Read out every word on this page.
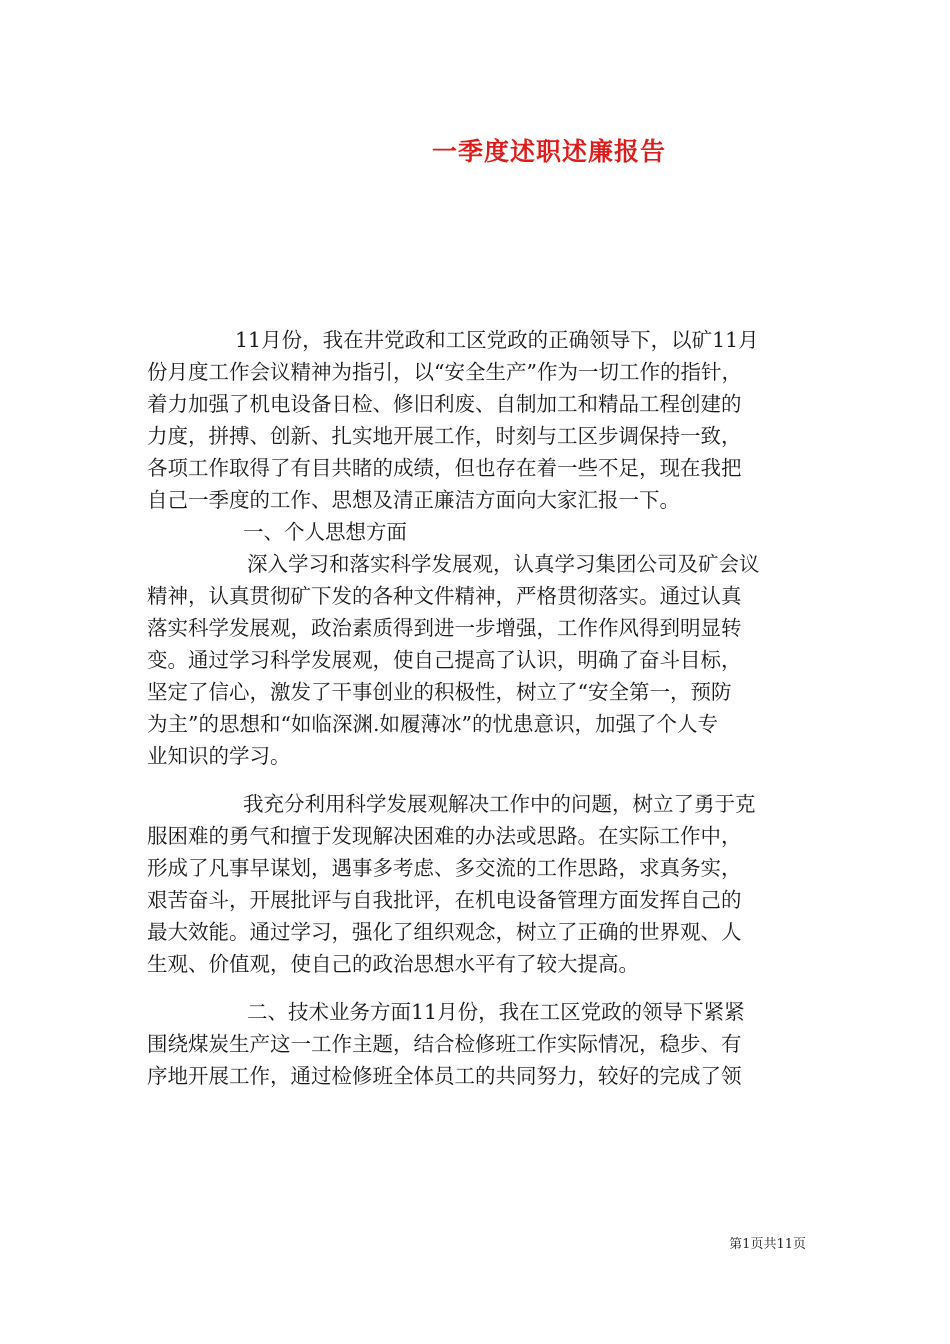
一季度述职述廉报告
11月份，我在井党政和工区党政的正确领导下，以矿11月
份月度工作会议精神为指引，以“安全生产”作为一切工作的指针，
着力加强了机电设备日检、修旧利废、自制加工和精品工程创建的
力度，拼搏、创新、扎实地开展工作，时刻与工区步调保持一致，
各项工作取得了有目共睹的成绩，但也存在着一些不足，现在我把
自己一季度的工作、思想及清正廉洁方面向大家汇报一下。
一、个人思想方面
深入学习和落实科学发展观，认真学习集团公司及矿会议
精神，认真贯彻矿下发的各种文件精神，严格贯彻落实。通过认真
落实科学发展观，政治素质得到进一步增强，工作作风得到明显转
变。通过学习科学发展观，使自己提高了认识，明确了奋斗目标，
坚定了信心，激发了干事创业的积极性，树立了“安全第一，预防
为主”的思想和“如临深渊.如履薄冰”的忧患意识，加强了个人专
业知识的学习。
我充分利用科学发展观解决工作中的问题，树立了勇于克
服困难的勇气和擅于发现解决困难的办法或思路。在实际工作中，
形成了凡事早谋划，遇事多考虑、多交流的工作思路，求真务实，
艰苦奋斗，开展批评与自我批评，在机电设备管理方面发挥自己的
最大效能。通过学习，强化了组织观念，树立了正确的世界观、人
生观、价值观，使自己的政治思想水平有了较大提高。
二、技术业务方面11月份，我在工区党政的领导下紧紧
围绕煤炭生产这一工作主题，结合检修班工作实际情况，稳步、有
序地开展工作，通过检修班全体员工的共同努力，较好的完成了领
第1页共11页
